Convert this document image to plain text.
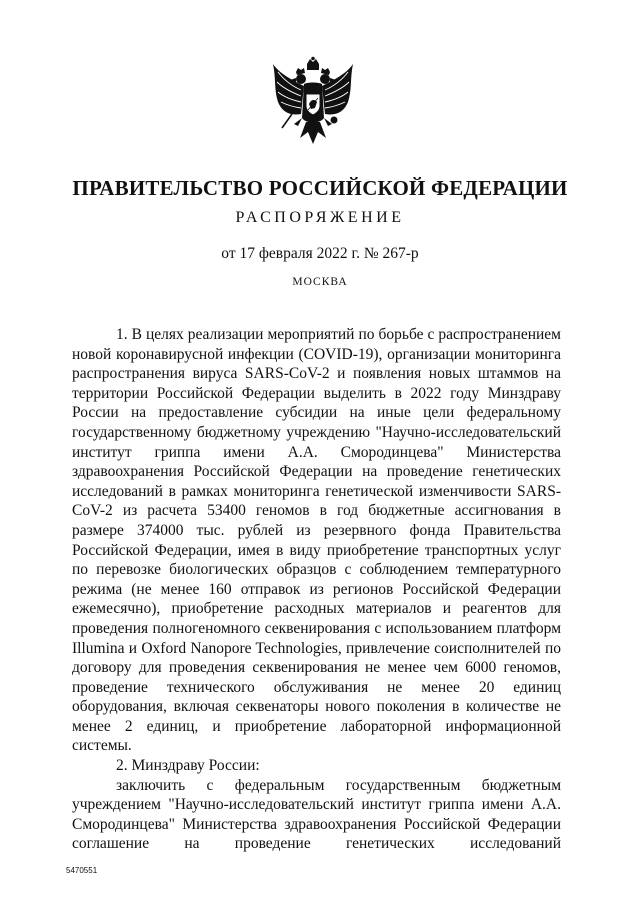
ПРАВИТЕЛЬСТВО РОССИЙСКОЙ ФЕДЕРАЦИИ
РАСПОРЯЖЕНИЕ
от 17 февраля 2022 г. № 267-р
МОСКВА

1. В целях реализации мероприятий по борьбе с распространением новой коронавирусной инфекции (COVID-19), организации мониторинга распространения вируса SARS-CoV-2 и появления новых штаммов на территории Российской Федерации выделить в 2022 году Минздраву России на предоставление субсидии на иные цели федеральному государственному бюджетному учреждению "Научно-исследовательский институт гриппа имени А.А. Смородинцева" Министерства здравоохранения Российской Федерации на проведение генетических исследований в рамках мониторинга генетической изменчивости SARS-CoV-2 из расчета 53400 геномов в год бюджетные ассигнования в размере 374000 тыс. рублей из резервного фонда Правительства Российской Федерации, имея в виду приобретение транспортных услуг по перевозке биологических образцов с соблюдением температурного режима (не менее 160 отправок из регионов Российской Федерации ежемесячно), приобретение расходных материалов и реагентов для проведения полногеномного секвенирования с использованием платформ Illumina и Oxford Nanopore Technologies, привлечение соисполнителей по договору для проведения секвенирования не менее чем 6000 геномов, проведение технического обслуживания не менее 20 единиц оборудования, включая секвенаторы нового поколения в количестве не менее 2 единиц, и приобретение лабораторной информационной системы.

2. Минздраву России:

заключить с федеральным государственным бюджетным учреждением "Научно-исследовательский институт гриппа имени А.А. Смородинцева" Министерства здравоохранения Российской Федерации соглашение на проведение генетических исследований

5470551
